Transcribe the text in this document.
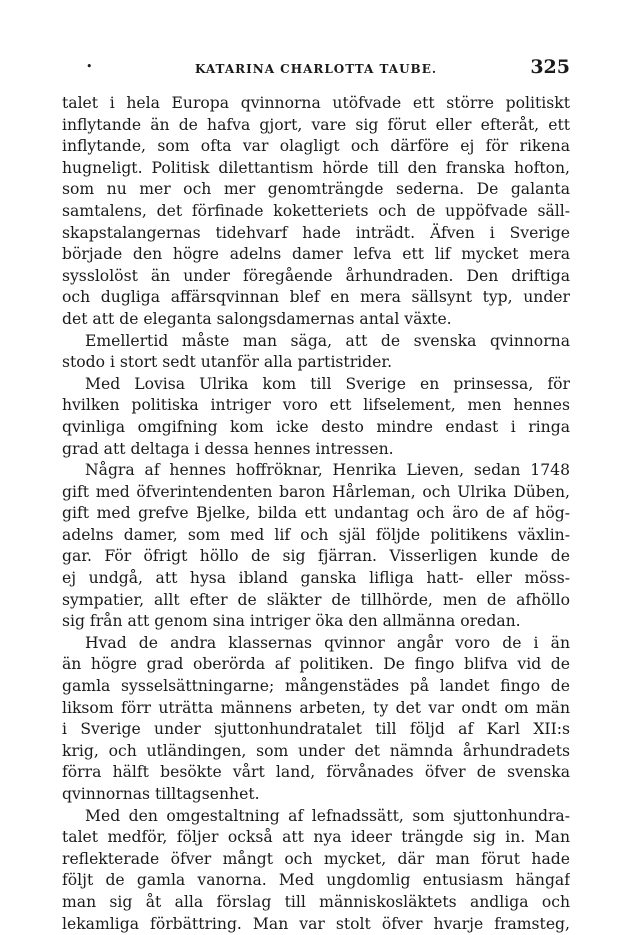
•	KATARINA CHARLOTTA TAUBE.	325
talet i hela Europa qvinnorna utöfvade ett större politiskt
inflytande än de hafva gjort, vare sig förut eller efteråt, ett
inflytande, som ofta var olagligt och därföre ej för rikena
hugneligt. Politisk dilettantism hörde till den franska hofton,
som nu mer och mer genomträngde sederna. De galanta
samtalens, det förfinade koketteriets och de uppöfvade säll-
skapstalangernas tidehvarf hade inträdt. Äfven i Sverige
började den högre adelns damer lefva ett lif mycket mera
sysslolöst än under föregående århundraden. Den driftiga
och dugliga affärsqvinnan blef en mera sällsynt typ, under
det att de eleganta salongsdamernas antal växte.
Emellertid måste man säga, att de svenska qvinnorna
stodo i stort sedt utanför alla partistrider.
Med Lovisa Ulrika kom till Sverige en prinsessa, för
hvilken politiska intriger voro ett lifselement, men hennes
qvinliga omgifning kom icke desto mindre endast i ringa
grad att deltaga i dessa hennes intressen.
Några af hennes hoffröknar, Henrika Lieven, sedan 1748
gift med öfverintendenten baron Hårleman, och Ulrika Düben,
gift med grefve Bjelke, bilda ett undantag och äro de af hög-
adelns damer, som med lif och själ följde politikens växlin-
gar. För öfrigt höllo de sig fjärran. Visserligen kunde de
ej undgå, att hysa ibland ganska lifliga hatt- eller möss-
sympatier, allt efter de släkter de tillhörde, men de afhöllo
sig från att genom sina intriger öka den allmänna oredan.
Hvad de andra klassernas qvinnor angår voro de i än
än högre grad oberörda af politiken. De fingo blifva vid de
gamla sysselsättningarne; mångenstädes på landet fingo de
liksom förr uträtta männens arbeten, ty det var ondt om män
i Sverige under sjuttonhundratalet till följd af Karl XII:s
krig, och utländingen, som under det nämnda århundradets
förra hälft besökte vårt land, förvånades öfver de svenska
qvinnornas tilltagsenhet.
Med den omgestaltning af lefnadssätt, som sjuttonhundra-
talet medför, följer också att nya ideer trängde sig in. Man
reflekterade öfver mångt och mycket, där man förut hade
följt de gamla vanorna. Med ungdomlig entusiasm hängaf
man sig åt alla förslag till människosläktets andliga och
lekamliga förbättring. Man var stolt öfver hvarje framsteg,
